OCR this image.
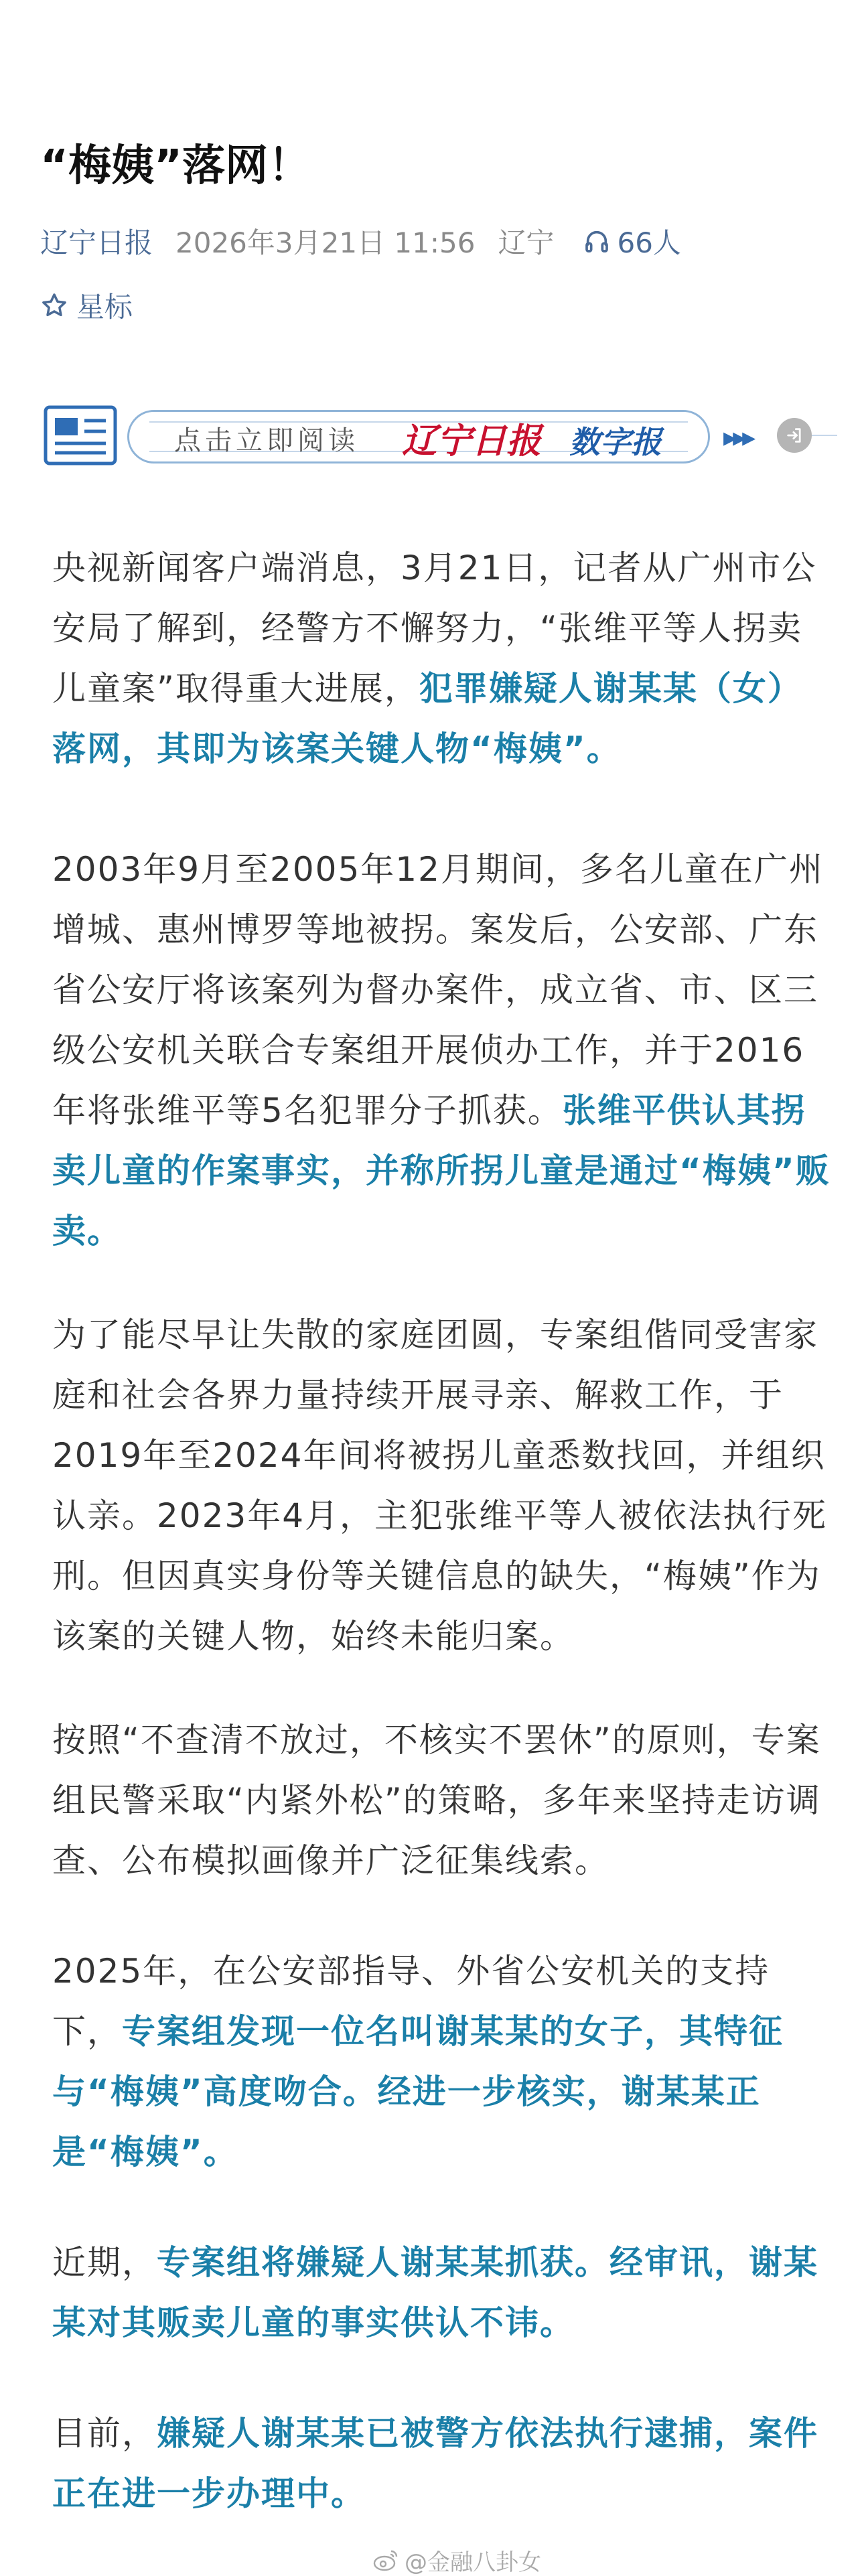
“梅姨”落网！
辽宁日报 2026年3月21日 11:56 辽宁 66人
星标
点击立即阅读 辽宁日报 数字报 ▸▸▸

央视新闻客户端消息，3月21日，记者从广州市公安局了解到，经警方不懈努力，“张维平等人拐卖儿童案”取得重大进展，犯罪嫌疑人谢某某（女）落网，其即为该案关键人物“梅姨”。

2003年9月至2005年12月期间，多名儿童在广州增城、惠州博罗等地被拐。案发后，公安部、广东省公安厅将该案列为督办案件，成立省、市、区三级公安机关联合专案组开展侦办工作，并于2016年将张维平等5名犯罪分子抓获。张维平供认其拐卖儿童的作案事实，并称所拐儿童是通过“梅姨”贩卖。

为了能尽早让失散的家庭团圆，专案组偕同受害家庭和社会各界力量持续开展寻亲、解救工作，于2019年至2024年间将被拐儿童悉数找回，并组织认亲。2023年4月，主犯张维平等人被依法执行死刑。但因真实身份等关键信息的缺失，“梅姨”作为该案的关键人物，始终未能归案。

按照“不查清不放过，不核实不罢休”的原则，专案组民警采取“内紧外松”的策略，多年来坚持走访调查、公布模拟画像并广泛征集线索。

2025年，在公安部指导、外省公安机关的支持下，专案组发现一位名叫谢某某的女子，其特征与“梅姨”高度吻合。经进一步核实，谢某某正是“梅姨”。

近期，专案组将嫌疑人谢某某抓获。经审讯，谢某某对其贩卖儿童的事实供认不讳。

目前，嫌疑人谢某某已被警方依法执行逮捕，案件正在进一步办理中。

@金融八卦女
